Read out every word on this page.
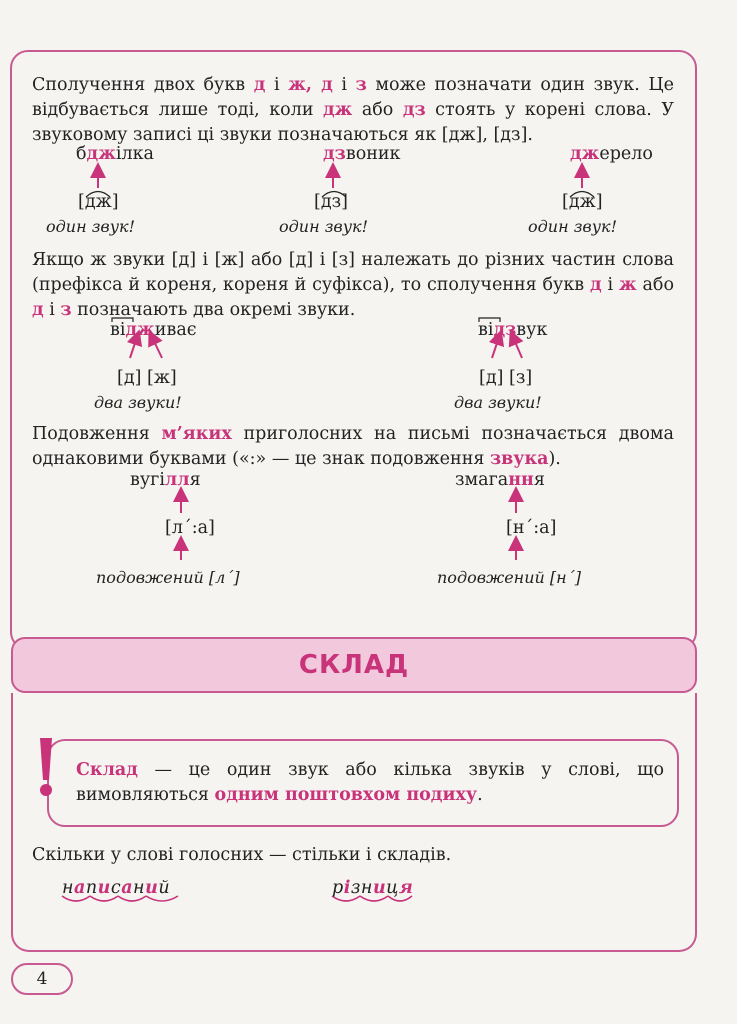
Сполучення двох букв д і ж, д і з може позначати один звук. Це відбувається лише тоді, коли дж або дз стоять у корені слова. У звуковому записі ці звуки позначаються як [дж], [дз].
бджілка
[дж]
один звук!
дзвоник
[дз]
один звук!
джерело
[дж]
один звук!
Якщо ж звуки [д] і [ж] або [д] і [з] належать до різних частин слова (префікса й кореня, кореня й суфікса), то сполучення букв д і ж або д і з позначають два окремі звуки.
відживає
[д] [ж]
два звуки!
відзвук
[д] [з]
два звуки!
Подовження м’яких приголосних на письмі позначається двома однаковими буквами («:» — це знак подовження звука).
вугілля
[л´:а]
подовжений [л´]
змагання
[н´:а]
подовжений [н´]
СКЛАД
Склад — це один звук або кілька звуків у слові, що вимовляються одним поштовхом подиху.
Скільки у слові голосних — стільки і складів.
написаний	різниця
4
